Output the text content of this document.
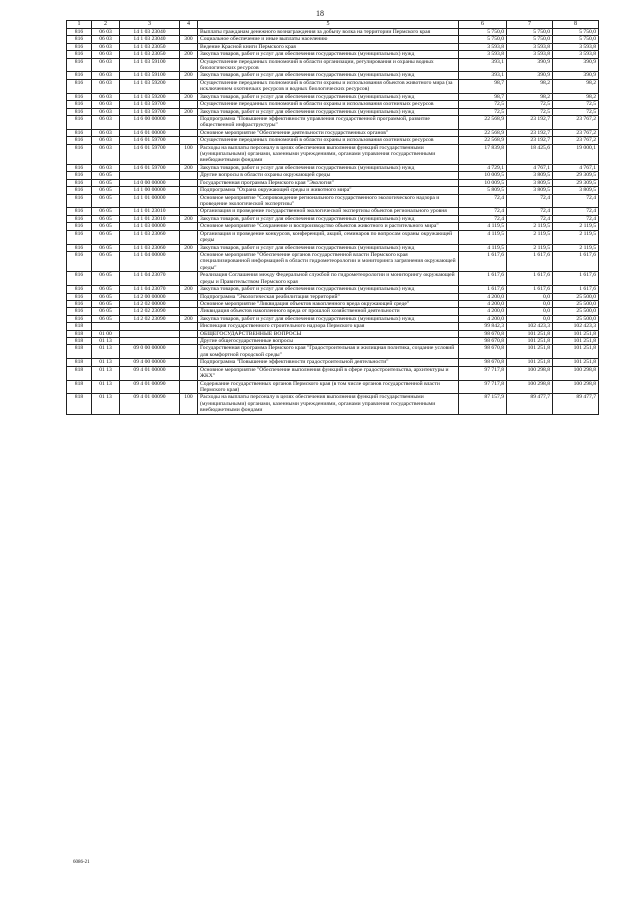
18
1	2	3	4	5	6	7	8
816	06 03	14 1 03 23040		Выплаты гражданам денежного вознаграждения за добычу волка на территории Пермского края	5 750,0	5 750,0	5 750,0
816	06 03	14 1 03 23040	300	Социальное обеспечение и иные выплаты населению	5 750,0	5 750,0	5 750,0
816	06 03	14 1 03 23050		Ведение Красной книги Пермского края	3 593,8	3 593,8	3 593,8
816	06 03	14 1 03 23050	200	Закупка товаров, работ и услуг для обеспечения государственных (муниципальных) нужд	3 593,8	3 593,8	3 593,8
816	06 03	14 1 03 59100		Осуществление переданных полномочий в области организации, регулирования и охраны водных биологических ресурсов	393,1	390,9	390,9
816	06 03	14 1 03 59100	200	Закупка товаров, работ и услуг для обеспечения государственных (муниципальных) нужд	393,1	390,9	390,9
816	06 03	14 1 03 59200		Осуществление переданных полномочий в области охраны и использования объектов животного мира (за исключением охотничьих ресурсов и водных биологических ресурсов)	98,7	98,2	98,2
816	06 03	14 1 03 59200	200	Закупка товаров, работ и услуг для обеспечения государственных (муниципальных) нужд	98,7	98,2	98,2
816	06 03	14 1 03 59700		Осуществление переданных полномочий в области охраны и использования охотничьих ресурсов	72,5	72,5	72,5
816	06 03	14 1 03 59700	200	Закупка товаров, работ и услуг для обеспечения государственных (муниципальных) нужд	72,5	72,5	72,5
816	06 03	14 6 00 00000		Подпрограмма "Повышение эффективности управления государственной программой, развитие общественной инфраструктуры"	22 568,9	23 192,7	23 767,2
816	06 03	14 6 01 00000		Основное мероприятие "Обеспечение деятельности государственных органов"	22 568,9	23 192,7	23 767,2
816	06 03	14 6 01 59700		Осуществление переданных полномочий в области охраны и использования охотничьих ресурсов	22 568,9	23 192,7	23 767,2
816	06 03	14 6 01 59700	100	Расходы на выплаты персоналу в целях обеспечения выполнения функций государственными (муниципальными) органами, казенными учреждениями, органами управления государственными внебюджетными фондами	17 839,8	18 425,6	19 000,1
816	06 03	14 6 01 59700	200	Закупка товаров, работ и услуг для обеспечения государственных (муниципальных) нужд	4 729,1	4 767,1	4 767,1
816	06 05			Другие вопросы в области охраны окружающей среды	10 009,5	3 809,5	29 309,5
816	06 05	14 0 00 00000		Государственная программа Пермского края "Экология"	10 009,5	3 809,5	29 309,5
816	06 05	14 1 00 00000		Подпрограмма "Охрана окружающей среды и животного мира"	5 809,5	3 809,5	3 809,5
816	06 05	14 1 01 00000		Основное мероприятие "Сопровождение регионального государственного экологического надзора и проведение экологической экспертизы"	72,4	72,4	72,4
816	06 05	14 1 01 23010		Организация и проведение государственной экологической экспертизы объектов регионального уровня	72,4	72,4	72,4
816	06 05	14 1 01 23010	200	Закупка товаров, работ и услуг для обеспечения государственных (муниципальных) нужд	72,4	72,4	72,4
816	06 05	14 1 03 00000		Основное мероприятие "Сохранение и воспроизводство объектов животного и растительного мира"	4 119,5	2 119,5	2 119,5
816	06 05	14 1 03 23060		Организация и проведение конкурсов, конференций, акций, семинаров по вопросам охраны окружающей среды	4 119,5	2 119,5	2 119,5
816	06 05	14 1 03 23060	200	Закупка товаров, работ и услуг для обеспечения государственных (муниципальных) нужд	4 119,5	2 119,5	2 119,5
816	06 05	14 1 04 00000		Основное мероприятие "Обеспечение органов государственной власти Пермского края специализированной информацией в области гидрометеорологии и мониторинга загрязнения окружающей среды"	1 617,6	1 617,6	1 617,6
816	06 05	14 1 04 23070		Реализация Соглашения между Федеральной службой по гидрометеорологии и мониторингу окружающей среды и Правительством Пермского края	1 617,6	1 617,6	1 617,6
816	06 05	14 1 04 23070	200	Закупка товаров, работ и услуг для обеспечения государственных (муниципальных) нужд	1 617,6	1 617,6	1 617,6
816	06 05	14 2 00 00000		Подпрограмма "Экологическая реабилитация территорий"	4 200,0	0,0	25 500,0
816	06 05	14 2 02 00000		Основное мероприятие "Ликвидация объектов накопленного вреда окружающей среде"	4 200,0	0,0	25 500,0
816	06 05	14 2 02 23090		Ликвидация объектов накопленного вреда от прошлой хозяйственной деятельности	4 200,0	0,0	25 500,0
816	06 05	14 2 02 23090	200	Закупка товаров, работ и услуг для обеспечения государственных (муниципальных) нужд	4 200,0	0,0	25 500,0
818				Инспекция государственного строительного надзора Пермского края	99 842,3	102 423,3	102 423,3
818	01 00			ОБЩЕГОСУДАРСТВЕННЫЕ ВОПРОСЫ	98 670,8	101 251,8	101 251,8
818	01 13			Другие общегосударственные вопросы	98 670,8	101 251,8	101 251,8
818	01 13	09 0 00 00000		Государственная программа Пермского края "Градостроительная и жилищная политика, создание условий для комфортной городской среды"	98 670,8	101 251,8	101 251,8
818	01 13	09 4 00 00000		Подпрограмма "Повышение эффективности градостроительной деятельности"	98 670,8	101 251,8	101 251,8
818	01 13	09 4 01 00000		Основное мероприятие "Обеспечение выполнения функций в сфере градостроительства, архитектуры и ЖКХ"	97 717,8	100 298,8	100 298,8
818	01 13	09 4 01 00090		Содержание государственных органов Пермского края (в том числе органов государственной власти Пермского края)	97 717,8	100 298,8	100 298,8
818	01 13	09 4 01 00090	100	Расходы на выплаты персоналу в целях обеспечения выполнения функций государственными (муниципальными) органами, казенными учреждениями, органами управления государственными внебюджетными фондами	87 157,9	89 477,7	89 477,7
6086-21
